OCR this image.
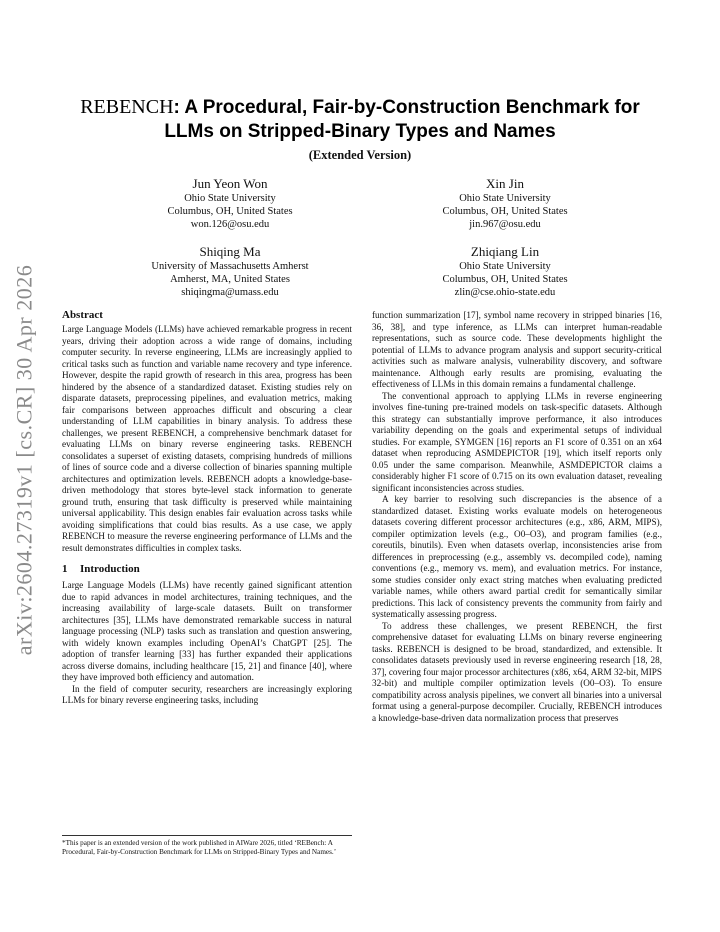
arXiv:2604.27319v1 [cs.CR] 30 Apr 2026
REBENCH: A Procedural, Fair-by-Construction Benchmark for
LLMs on Stripped-Binary Types and Names
(Extended Version)
Jun Yeon Won
Ohio State University
Columbus, OH, United States
won.126@osu.edu
Xin Jin
Ohio State University
Columbus, OH, United States
jin.967@osu.edu
Shiqing Ma
University of Massachusetts Amherst
Amherst, MA, United States
shiqingma@umass.edu
Zhiqiang Lin
Ohio State University
Columbus, OH, United States
zlin@cse.ohio-state.edu
Abstract

Large Language Models (LLMs) have achieved remarkable progress in recent years, driving their adoption across a wide range of domains, including computer security. In reverse engineering, LLMs are increasingly applied to critical tasks such as function and variable name recovery and type inference. However, despite the rapid growth of research in this area, progress has been hindered by the absence of a standardized dataset. Existing studies rely on disparate datasets, preprocessing pipelines, and evaluation metrics, making fair comparisons between approaches difficult and obscuring a clear understanding of LLM capabilities in binary analysis. To address these challenges, we present REBENCH, a comprehensive benchmark dataset for evaluating LLMs on binary reverse engineering tasks. REBENCH consolidates a superset of existing datasets, comprising hundreds of millions of lines of source code and a diverse collection of binaries spanning multiple architectures and optimization levels. REBENCH adopts a knowledge-base-driven methodology that stores byte-level stack information to generate ground truth, ensuring that task difficulty is preserved while maintaining universal applicability. This design enables fair evaluation across tasks while avoiding simplifications that could bias results. As a use case, we apply REBENCH to measure the reverse engineering performance of LLMs and the result demonstrates difficulties in complex tasks.

1 Introduction

Large Language Models (LLMs) have recently gained significant attention due to rapid advances in model architectures, training techniques, and the increasing availability of large-scale datasets. Built on transformer architectures [35], LLMs have demonstrated remarkable success in natural language processing (NLP) tasks such as translation and question answering, with widely known examples including OpenAI’s ChatGPT [25]. The adoption of transfer learning [33] has further expanded their applications across diverse domains, including healthcare [15, 21] and finance [40], where they have improved both efficiency and automation.

In the field of computer security, researchers are increasingly exploring LLMs for binary reverse engineering tasks, including

*This paper is an extended version of the work published in AIWare 2026, titled ‘REBench: A Procedural, Fair-by-Construction Benchmark for LLMs on Stripped-Binary Types and Names.’

function summarization [17], symbol name recovery in stripped binaries [16, 36, 38], and type inference, as LLMs can interpret human-readable representations, such as source code. These developments highlight the potential of LLMs to advance program analysis and support security-critical activities such as malware analysis, vulnerability discovery, and software maintenance. Although early results are promising, evaluating the effectiveness of LLMs in this domain remains a fundamental challenge.

The conventional approach to applying LLMs in reverse engineering involves fine-tuning pre-trained models on task-specific datasets. Although this strategy can substantially improve performance, it also introduces variability depending on the goals and experimental setups of individual studies. For example, SYMGEN [16] reports an F1 score of 0.351 on an x64 dataset when reproducing ASMDEPICTOR [19], which itself reports only 0.05 under the same comparison. Meanwhile, ASMDEPICTOR claims a considerably higher F1 score of 0.715 on its own evaluation dataset, revealing significant inconsistencies across studies.

A key barrier to resolving such discrepancies is the absence of a standardized dataset. Existing works evaluate models on heterogeneous datasets covering different processor architectures (e.g., x86, ARM, MIPS), compiler optimization levels (e.g., O0–O3), and program families (e.g., coreutils, binutils). Even when datasets overlap, inconsistencies arise from differences in preprocessing (e.g., assembly vs. decompiled code), naming conventions (e.g., memory vs. mem), and evaluation metrics. For instance, some studies consider only exact string matches when evaluating predicted variable names, while others award partial credit for semantically similar predictions. This lack of consistency prevents the community from fairly and systematically assessing progress.

To address these challenges, we present REBENCH, the first comprehensive dataset for evaluating LLMs on binary reverse engineering tasks. REBENCH is designed to be broad, standardized, and extensible. It consolidates datasets previously used in reverse engineering research [18, 28, 37], covering four major processor architectures (x86, x64, ARM 32-bit, MIPS 32-bit) and multiple compiler optimization levels (O0–O3). To ensure compatibility across analysis pipelines, we convert all binaries into a universal format using a general-purpose decompiler. Crucially, REBENCH introduces a knowledge-base-driven data normalization process that preserves
